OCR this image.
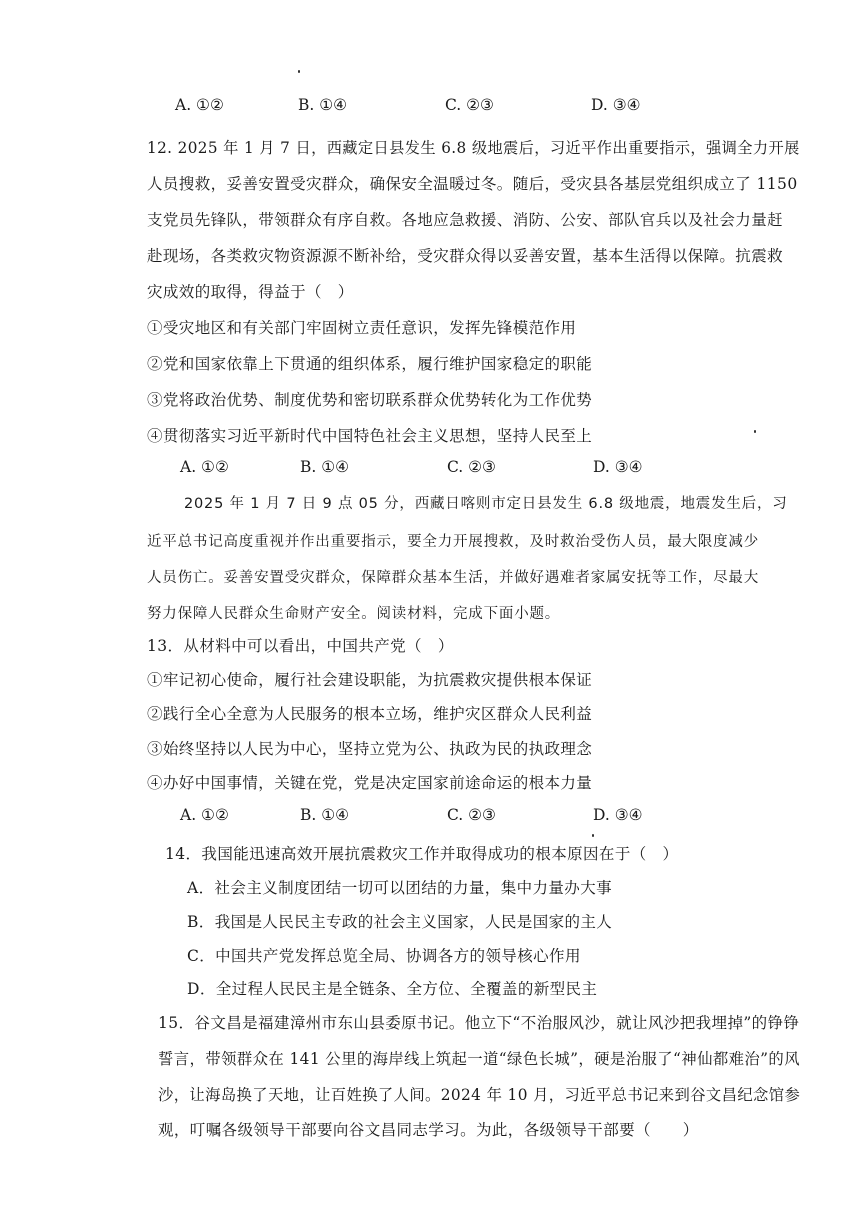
A. ①②	B. ①④	C. ②③	D. ③④
12. 2025 年 1 月 7 日，西藏定日县发生 6.8 级地震后，习近平作出重要指示，强调全力开展
人员搜救，妥善安置受灾群众，确保安全温暖过冬。随后，受灾县各基层党组织成立了 1150
支党员先锋队，带领群众有序自救。各地应急救援、消防、公安、部队官兵以及社会力量赶
赴现场，各类救灾物资源源不断补给，受灾群众得以妥善安置，基本生活得以保障。抗震救
灾成效的取得，得益于（　）
①受灾地区和有关部门牢固树立责任意识，发挥先锋模范作用
②党和国家依靠上下贯通的组织体系，履行维护国家稳定的职能
③党将政治优势、制度优势和密切联系群众优势转化为工作优势
④贯彻落实习近平新时代中国特色社会主义思想，坚持人民至上
A. ①②	B. ①④	C. ②③	D. ③④
2025 年 1 月 7 日 9 点 05 分，西藏日喀则市定日县发生 6.8 级地震，地震发生后，习
近平总书记高度重视并作出重要指示，要全力开展搜救，及时救治受伤人员，最大限度减少
人员伤亡。妥善安置受灾群众，保障群众基本生活，并做好遇难者家属安抚等工作，尽最大
努力保障人民群众生命财产安全。阅读材料，完成下面小题。
13．从材料中可以看出，中国共产党（　）
①牢记初心使命，履行社会建设职能，为抗震救灾提供根本保证
②践行全心全意为人民服务的根本立场，维护灾区群众人民利益
③始终坚持以人民为中心，坚持立党为公、执政为民的执政理念
④办好中国事情，关键在党，党是决定国家前途命运的根本力量
A. ①②	B. ①④	C. ②③	D. ③④
14．我国能迅速高效开展抗震救灾工作并取得成功的根本原因在于（　）
A．社会主义制度团结一切可以团结的力量，集中力量办大事
B．我国是人民民主专政的社会主义国家，人民是国家的主人
C．中国共产党发挥总览全局、协调各方的领导核心作用
D．全过程人民民主是全链条、全方位、全覆盖的新型民主
15．谷文昌是福建漳州市东山县委原书记。他立下“不治服风沙，就让风沙把我埋掉”的铮铮
誓言，带领群众在 141 公里的海岸线上筑起一道“绿色长城”，硬是治服了“神仙都难治”的风
沙，让海岛换了天地，让百姓换了人间。2024 年 10 月，习近平总书记来到谷文昌纪念馆参
观，叮嘱各级领导干部要向谷文昌同志学习。为此，各级领导干部要（　　）
